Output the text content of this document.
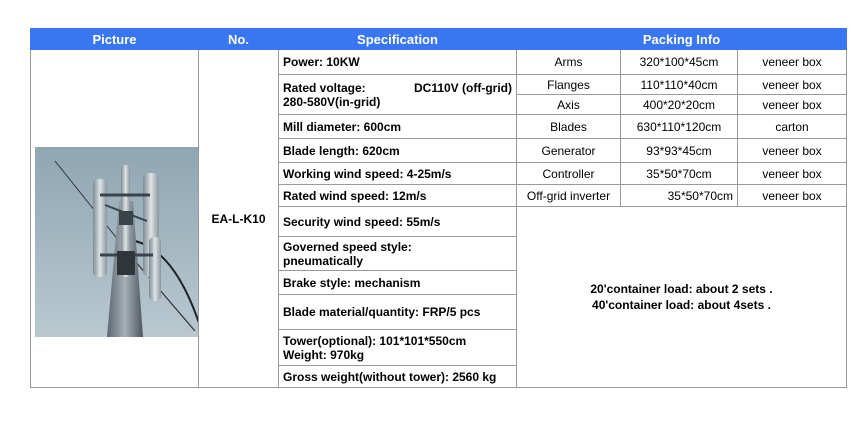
Picture	No.	Specification	Packing Info		

	EA-L-K10	Power: 10KW	Arms	320*100*45cm	veneer box

		Rated voltage: DC110V (off-grid)
280-580V(in-grid)	Flanges	110*110*40cm	veneer box
			Axis	400*20*20cm	veneer box
		Mill diameter: 600cm	Blades	630*110*120cm	carton
		Blade length: 620cm	Generator	93*93*45cm	veneer box
		Working wind speed: 4-25m/s	Controller	35*50*70cm	veneer box
		Rated wind speed: 12m/s	Off-grid inverter	35*50*70cm	veneer box
		Security wind speed: 55m/s	20'container load: about 2 sets .
40'container load: about 4sets .		

		Governed speed style:
pneumatically			

		Brake style: mechanism			
		Blade material/quantity: FRP/5 pcs			

		Tower(optional): 101*101*550cm
Weight: 970kg			

		Gross weight(without tower): 2560 kg			
